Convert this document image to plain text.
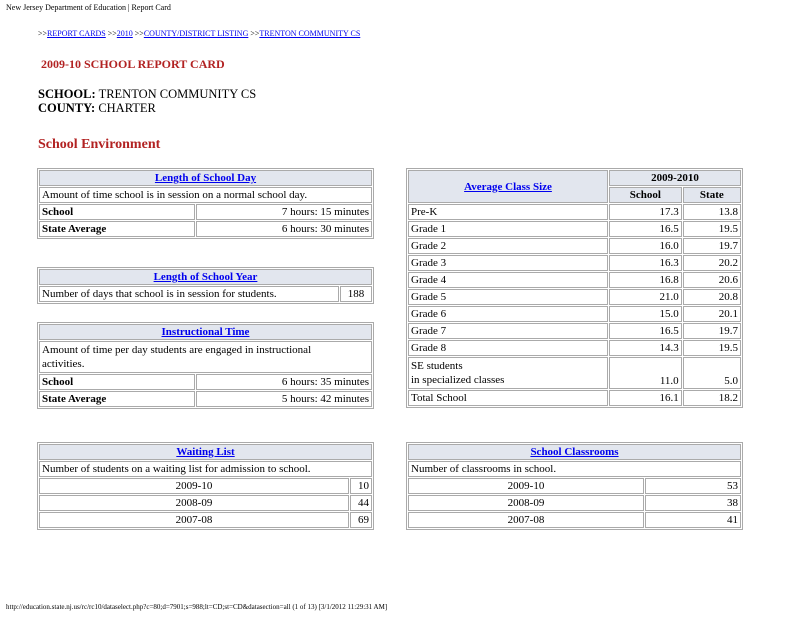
New Jersey Department of Education | Report Card
>>REPORT CARDS >>2010 >>COUNTY/DISTRICT LISTING >>TRENTON COMMUNITY CS
2009-10 SCHOOL REPORT CARD
SCHOOL: TRENTON COMMUNITY CS
COUNTY: CHARTER
School Environment
Length of School Day	
Amount of time school is in session on a normal school day.	
School	7 hours: 15 minutes
State Average	6 hours: 30 minutes
Length of School Year
Number of days that school is in session for students.	188
Instructional Time	
Amount of time per day students are engaged in instructional activities.	
School	6 hours: 35 minutes
State Average	5 hours: 42 minutes
Waiting List	
Number of students on a waiting list for admission to school.	
2009-10	10
2008-09	44
2007-08	69
Average Class Size	2009-2010	
	School	State
Pre-K	17.3	13.8
Grade 1	16.5	19.5
Grade 2	16.0	19.7
Grade 3	16.3	20.2
Grade 4	16.8	20.6
Grade 5	21.0	20.8
Grade 6	15.0	20.1
Grade 7	16.5	19.7
Grade 8	14.3	19.5
SE students
in specialized classes	11.0	5.0
Total School	16.1	18.2
School Classrooms	
Number of classrooms in school.	
2009-10	53
2008-09	38
2007-08	41
http://education.state.nj.us/rc/rc10/dataselect.php?c=80;d=7901;s=988;lt=CD;st=CD&datasection=all (1 of 13) [3/1/2012 11:29:31 AM]
